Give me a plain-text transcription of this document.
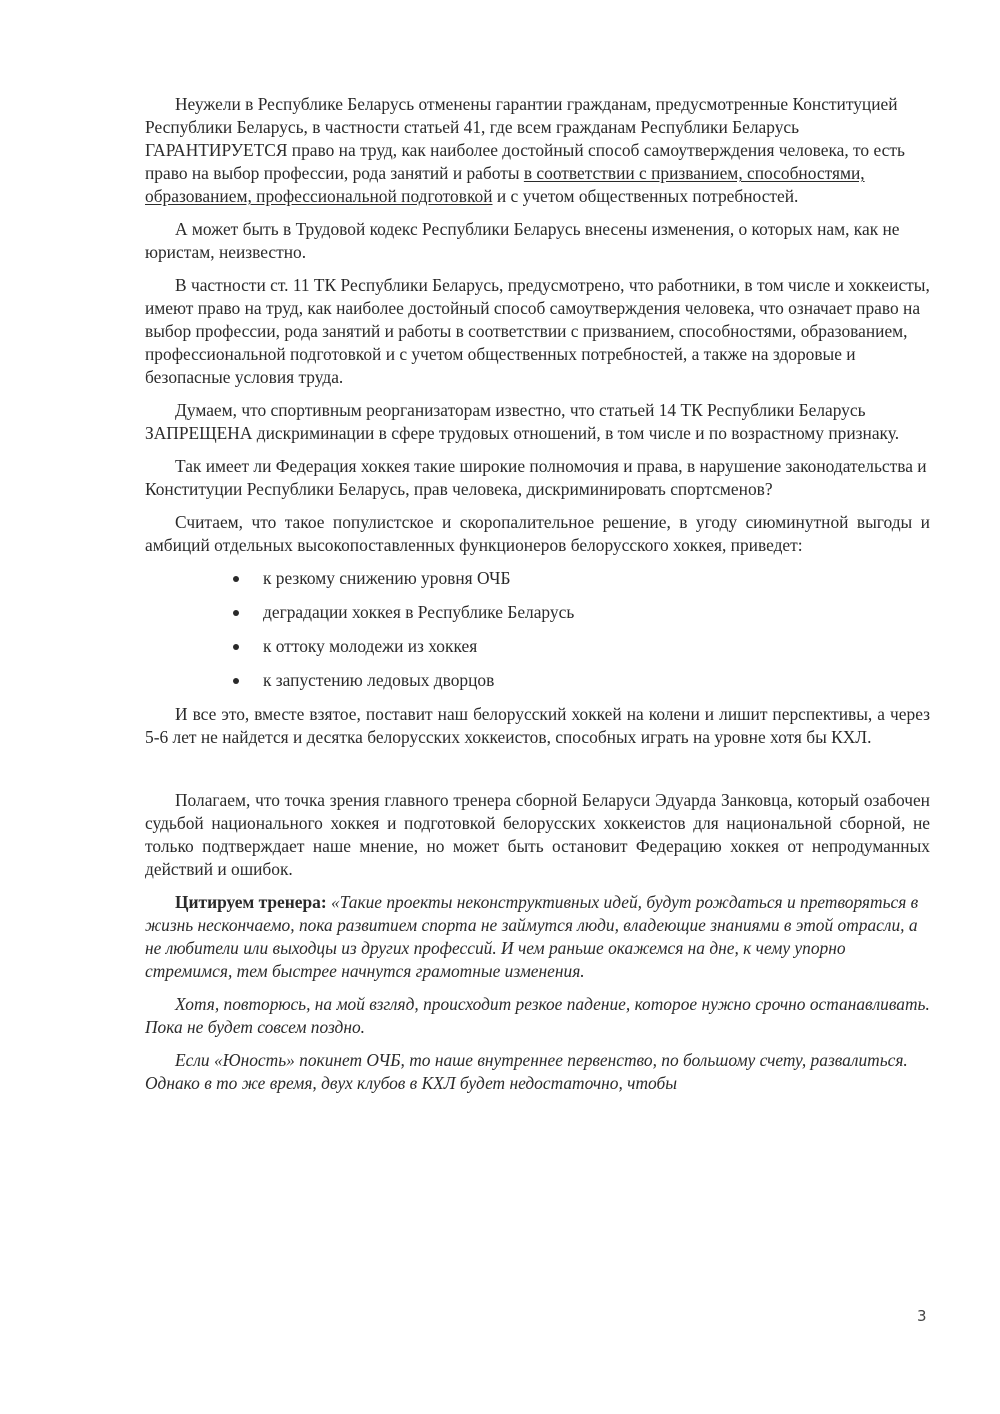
Неужели в Республике Беларусь отменены гарантии гражданам, предусмотренные Конституцией Республики Беларусь, в частности статьей 41, где всем гражданам Республики Беларусь ГАРАНТИРУЕТСЯ право на труд, как наиболее достойный способ самоутверждения человека, то есть право на выбор профессии, рода занятий и работы в соответствии с призванием, способностями, образованием, профессиональной подготовкой и с учетом общественных потребностей.

А может быть в Трудовой кодекс Республики Беларусь внесены изменения, о которых нам, как не юристам, неизвестно.

В частности ст. 11 ТК Республики Беларусь, предусмотрено, что работники, в том числе и хоккеисты, имеют право на труд, как наиболее достойный способ самоутверждения человека, что означает право на выбор профессии, рода занятий и работы в соответствии с призванием, способностями, образованием, профессиональной подготовкой и с учетом общественных потребностей, а также на здоровые и безопасные условия труда.

Думаем, что спортивным реорганизаторам известно, что статьей 14 ТК Республики Беларусь ЗАПРЕЩЕНА дискриминации в сфере трудовых отношений, в том числе и по возрастному признаку.

Так имеет ли Федерация хоккея такие широкие полномочия и права, в нарушение законодательства и Конституции Республики Беларусь, прав человека, дискриминировать спортсменов?

Считаем, что такое популистское и скоропалительное решение, в угоду сиюминутной выгоды и амбиций отдельных высокопоставленных функционеров белорусского хоккея, приведет:

к резкому снижению уровня ОЧБ
деградации хоккея в Республике Беларусь
к оттоку молодежи из хоккея
к запустению ледовых дворцов

И все это, вместе взятое, поставит наш белорусский хоккей на колени и лишит перспективы, а через 5-6 лет не найдется и десятка белорусских хоккеистов, способных играть на уровне хотя бы КХЛ.

Полагаем, что точка зрения главного тренера сборной Беларуси Эдуарда Занковца, который озабочен судьбой национального хоккея и подготовкой белорусских хоккеистов для национальной сборной, не только подтверждает наше мнение, но может быть остановит Федерацию хоккея от непродуманных действий и ошибок.

Цитируем тренера: «Такие проекты неконструктивных идей, будут рождаться и претворяться в жизнь нескончаемо, пока развитием спорта не займутся люди, владеющие знаниями в этой отрасли, а не любители или выходцы из других профессий. И чем раньше окажемся на дне, к чему упорно стремимся, тем быстрее начнутся грамотные изменения.

Хотя, повторюсь, на мой взгляд, происходит резкое падение, которое нужно срочно останавливать. Пока не будет совсем поздно.

Если «Юность» покинет ОЧБ, то наше внутреннее первенство, по большому счету, развалиться. Однако в то же время, двух клубов в КХЛ будет недостаточно, чтобы

3
